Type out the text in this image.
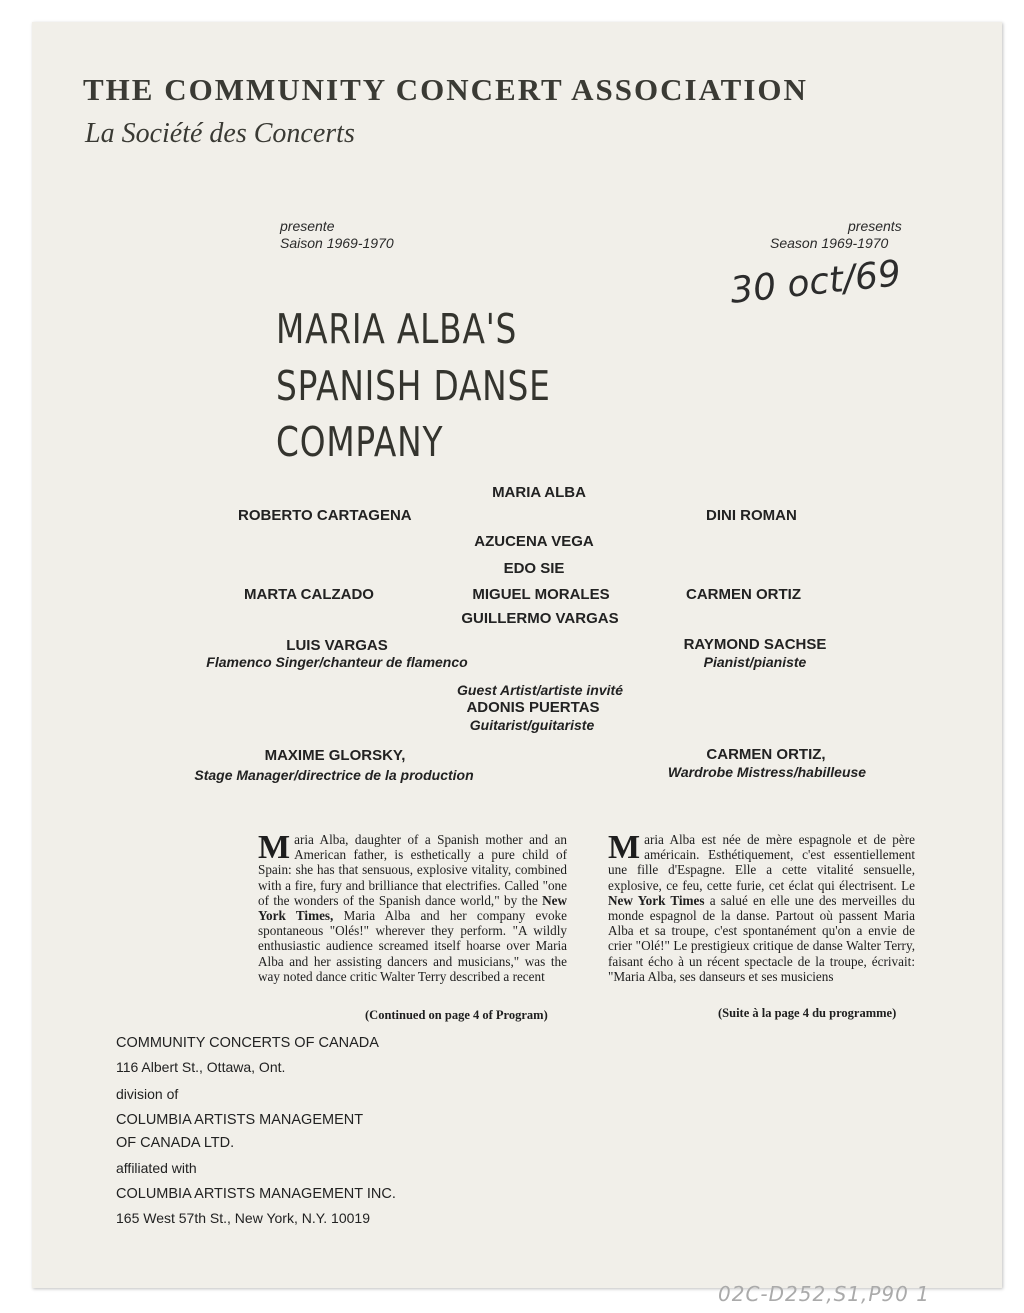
THE COMMUNITY CONCERT ASSOCIATION
La Société des Concerts
presente
Saison 1969-1970
presents
Season 1969-1970
30 oct/69
MARIA ALBA'S
SPANISH DANSE
COMPANY
MARIA ALBA
ROBERTO CARTAGENA	DINI ROMAN
AZUCENA VEGA
EDO SIE
MARTA CALZADO	MIGUEL MORALES	CARMEN ORTIZ
GUILLERMO VARGAS
LUIS VARGAS
Flamenco Singer/chanteur de flamenco
RAYMOND SACHSE
Pianist/pianiste
Guest Artist/artiste invité
ADONIS PUERTAS
Guitarist/guitariste
MAXIME GLORSKY,
Stage Manager/directrice de la production
CARMEN ORTIZ,
Wardrobe Mistress/habilleuse
Maria Alba, daughter of a Spanish mother and an American father, is esthetically a pure child of Spain: she has that sensuous, explosive vitality, combined with a fire, fury and brilliance that electrifies. Called "one of the wonders of the Spanish dance world," by the New York Times, Maria Alba and her company evoke spontaneous "Olés!" wherever they perform. "A wildly enthusiastic audience screamed itself hoarse over Maria Alba and her assisting dancers and musicians," was the way noted dance critic Walter Terry described a recent
(Continued on page 4 of Program)
Maria Alba est née de mère espagnole et de père américain. Esthétiquement, c'est essentiellement une fille d'Espagne. Elle a cette vitalité sensuelle, explosive, ce feu, cette furie, cet éclat qui électrisent. Le New York Times a salué en elle une des merveilles du monde espagnol de la danse. Partout où passent Maria Alba et sa troupe, c'est spontanément qu'on a envie de crier "Olé!" Le prestigieux critique de danse Walter Terry, faisant écho à un récent spectacle de la troupe, écrivait: "Maria Alba, ses danseurs et ses musiciens
(Suite à la page 4 du programme)
COMMUNITY CONCERTS OF CANADA
116 Albert St., Ottawa, Ont.
division of
COLUMBIA ARTISTS MANAGEMENT
OF CANADA LTD.
affiliated with
COLUMBIA ARTISTS MANAGEMENT INC.
165 West 57th St., New York, N.Y. 10019
02C-D252,S1,P90 1
